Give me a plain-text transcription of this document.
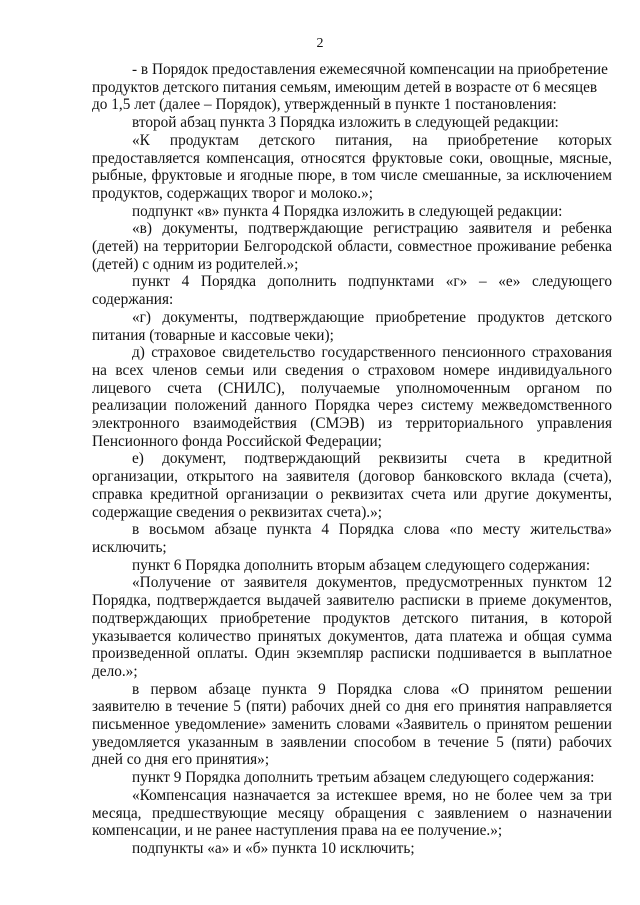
2

- в Порядок предоставления ежемесячной компенсации на приобретение продуктов детского питания семьям, имеющим детей в возрасте от 6 месяцев до 1,5 лет (далее – Порядок), утвержденный в пункте 1 постановления:

второй абзац пункта 3 Порядка изложить в следующей редакции:

«К продуктам детского питания, на приобретение которых предоставляется компенсация, относятся фруктовые соки, овощные, мясные, рыбные, фруктовые и ягодные пюре, в том числе смешанные, за исключением продуктов, содержащих творог и молоко.»;

подпункт «в» пункта 4 Порядка изложить в следующей редакции:

«в) документы, подтверждающие регистрацию заявителя и ребенка (детей) на территории Белгородской области, совместное проживание ребенка (детей) с одним из родителей.»;

пункт 4 Порядка дополнить подпунктами «г» – «е» следующего содержания:

«г) документы, подтверждающие приобретение продуктов детского питания (товарные и кассовые чеки);

д) страховое свидетельство государственного пенсионного страхования на всех членов семьи или сведения о страховом номере индивидуального лицевого счета (СНИЛС), получаемые уполномоченным органом по реализации положений данного Порядка через систему межведомственного электронного взаимодействия (СМЭВ) из территориального управления Пенсионного фонда Российской Федерации;

е) документ, подтверждающий реквизиты счета в кредитной организации, открытого на заявителя (договор банковского вклада (счета), справка кредитной организации о реквизитах счета или другие документы, содержащие сведения о реквизитах счета).»;

в восьмом абзаце пункта 4 Порядка слова «по месту жительства» исключить;

пункт 6 Порядка дополнить вторым абзацем следующего содержания:

«Получение от заявителя документов, предусмотренных пунктом 12 Порядка, подтверждается выдачей заявителю расписки в приеме документов, подтверждающих приобретение продуктов детского питания, в которой указывается количество принятых документов, дата платежа и общая сумма произведенной оплаты. Один экземпляр расписки подшивается в выплатное дело.»;

в первом абзаце пункта 9 Порядка слова «О принятом решении заявителю в течение 5 (пяти) рабочих дней со дня его принятия направляется письменное уведомление» заменить словами «Заявитель о принятом решении уведомляется указанным в заявлении способом в течение 5 (пяти) рабочих дней со дня его принятия»;

пункт 9 Порядка дополнить третьим абзацем следующего содержания:

«Компенсация назначается за истекшее время, но не более чем за три месяца, предшествующие месяцу обращения с заявлением о назначении компенсации, и не ранее наступления права на ее получение.»;

подпункты «а» и «б» пункта 10 исключить;
